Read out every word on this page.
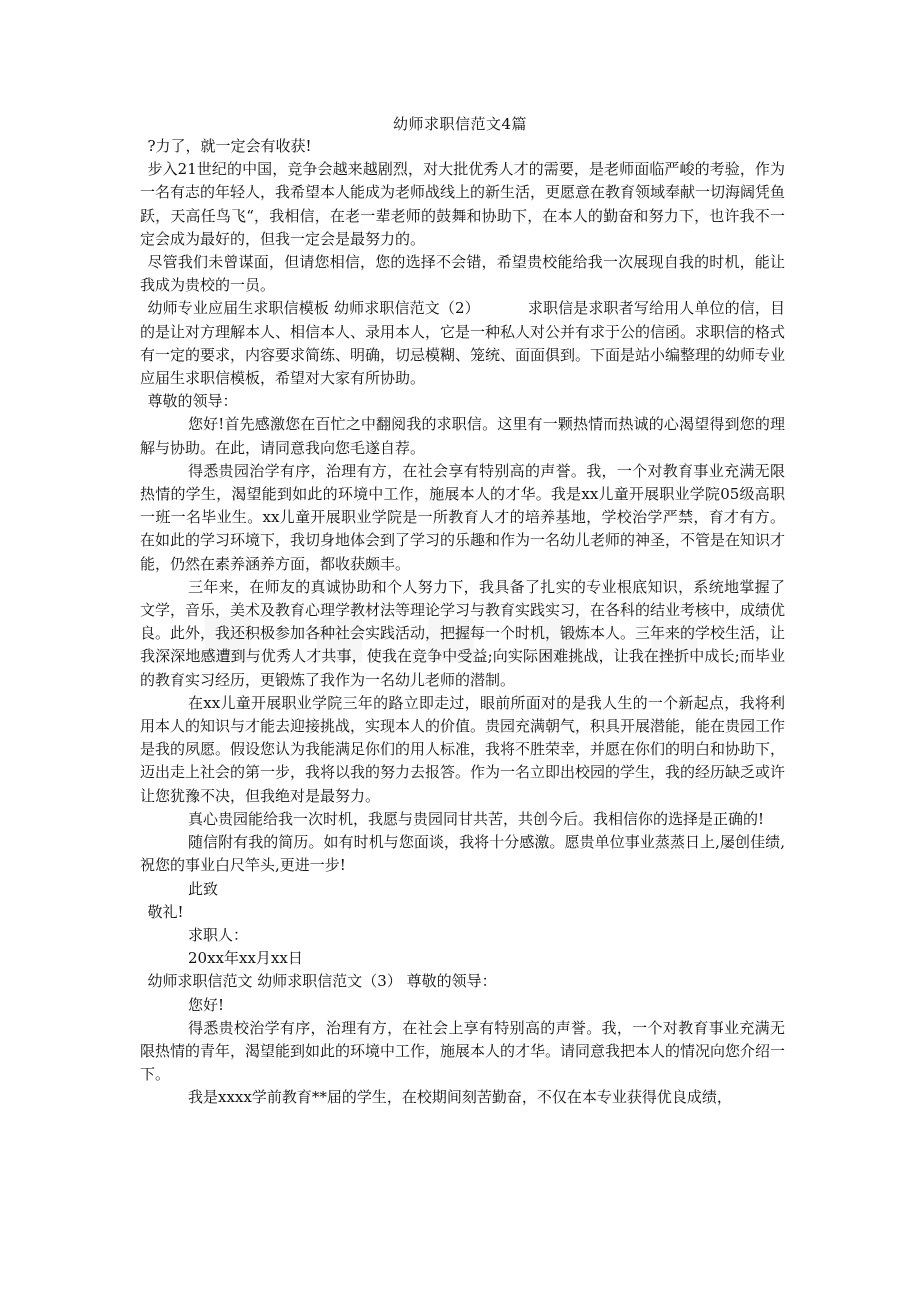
幼师求职信范文4篇

?力了，就一定会有收获!

步入21世纪的中国，竞争会越来越剧烈，对大批优秀人才的需要，是老师面临严峻的考验，作为一名有志的年轻人，我希望本人能成为老师战线上的新生活，更愿意在教育领域奉献一切海阔凭鱼跃，天高任鸟飞“，我相信，在老一辈老师的鼓舞和协助下，在本人的勤奋和努力下，也许我不一定会成为最好的，但我一定会是最努力的。

尽管我们未曾谋面，但请您相信，您的选择不会错，希望贵校能给我一次展现自我的时机，能让我成为贵校的一员。

幼师专业应届生求职信模板 幼师求职信范文（2）	求职信是求职者写给用人单位的信，目的是让对方理解本人、相信本人、录用本人，它是一种私人对公并有求于公的信函。求职信的格式有一定的要求，内容要求简练、明确，切忌模糊、笼统、面面俱到。下面是站小编整理的幼师专业应届生求职信模板，希望对大家有所协助。

尊敬的领导：

您好!首先感激您在百忙之中翻阅我的求职信。这里有一颗热情而热诚的心渴望得到您的理解与协助。在此，请同意我向您毛遂自荐。

得悉贵园治学有序，治理有方，在社会享有特别高的声誉。我，一个对教育事业充满无限热情的学生，渴望能到如此的环境中工作，施展本人的才华。我是xx儿童开展职业学院05级高职一班一名毕业生。xx儿童开展职业学院是一所教育人才的培养基地，学校治学严禁，育才有方。在如此的学习环境下，我切身地体会到了学习的乐趣和作为一名幼儿老师的神圣，不管是在知识才能，仍然在素养涵养方面，都收获颇丰。

三年来，在师友的真诚协助和个人努力下，我具备了扎实的专业根底知识，系统地掌握了文学，音乐，美术及教育心理学教材法等理论学习与教育实践实习，在各科的结业考核中，成绩优良。此外，我还积极参加各种社会实践活动，把握每一个时机，锻炼本人。三年来的学校生活，让我深深地感遭到与优秀人才共事，使我在竞争中受益;向实际困难挑战，让我在挫折中成长;而毕业的教育实习经历，更锻炼了我作为一名幼儿老师的潜制。

在xx儿童开展职业学院三年的路立即走过，眼前所面对的是我人生的一个新起点，我将利用本人的知识与才能去迎接挑战，实现本人的价值。贵园充满朝气，积具开展潜能，能在贵园工作是我的夙愿。假设您认为我能满足你们的用人标准，我将不胜荣幸，并愿在你们的明白和协助下，迈出走上社会的第一步，我将以我的努力去报答。作为一名立即出校园的学生，我的经历缺乏或许让您犹豫不决，但我绝对是最努力。

真心贵园能给我一次时机，我愿与贵园同甘共苦，共创今后。我相信你的选择是正确的!

随信附有我的简历。如有时机与您面谈，我将十分感激。愿贵单位事业蒸蒸日上,屡创佳绩,祝您的事业白尺竿头,更进一步!

此致

敬礼!

求职人：

20xx年xx月xx日

幼师求职信范文 幼师求职信范文（3） 尊敬的领导：

您好!

得悉贵校治学有序，治理有方，在社会上享有特别高的声誉。我，一个对教育事业充满无限热情的青年，渴望能到如此的环境中工作，施展本人的才华。请同意我把本人的情况向您介绍一下。

我是xxxx学前教育**届的学生，在校期间刻苦勤奋，不仅在本专业获得优良成绩，
